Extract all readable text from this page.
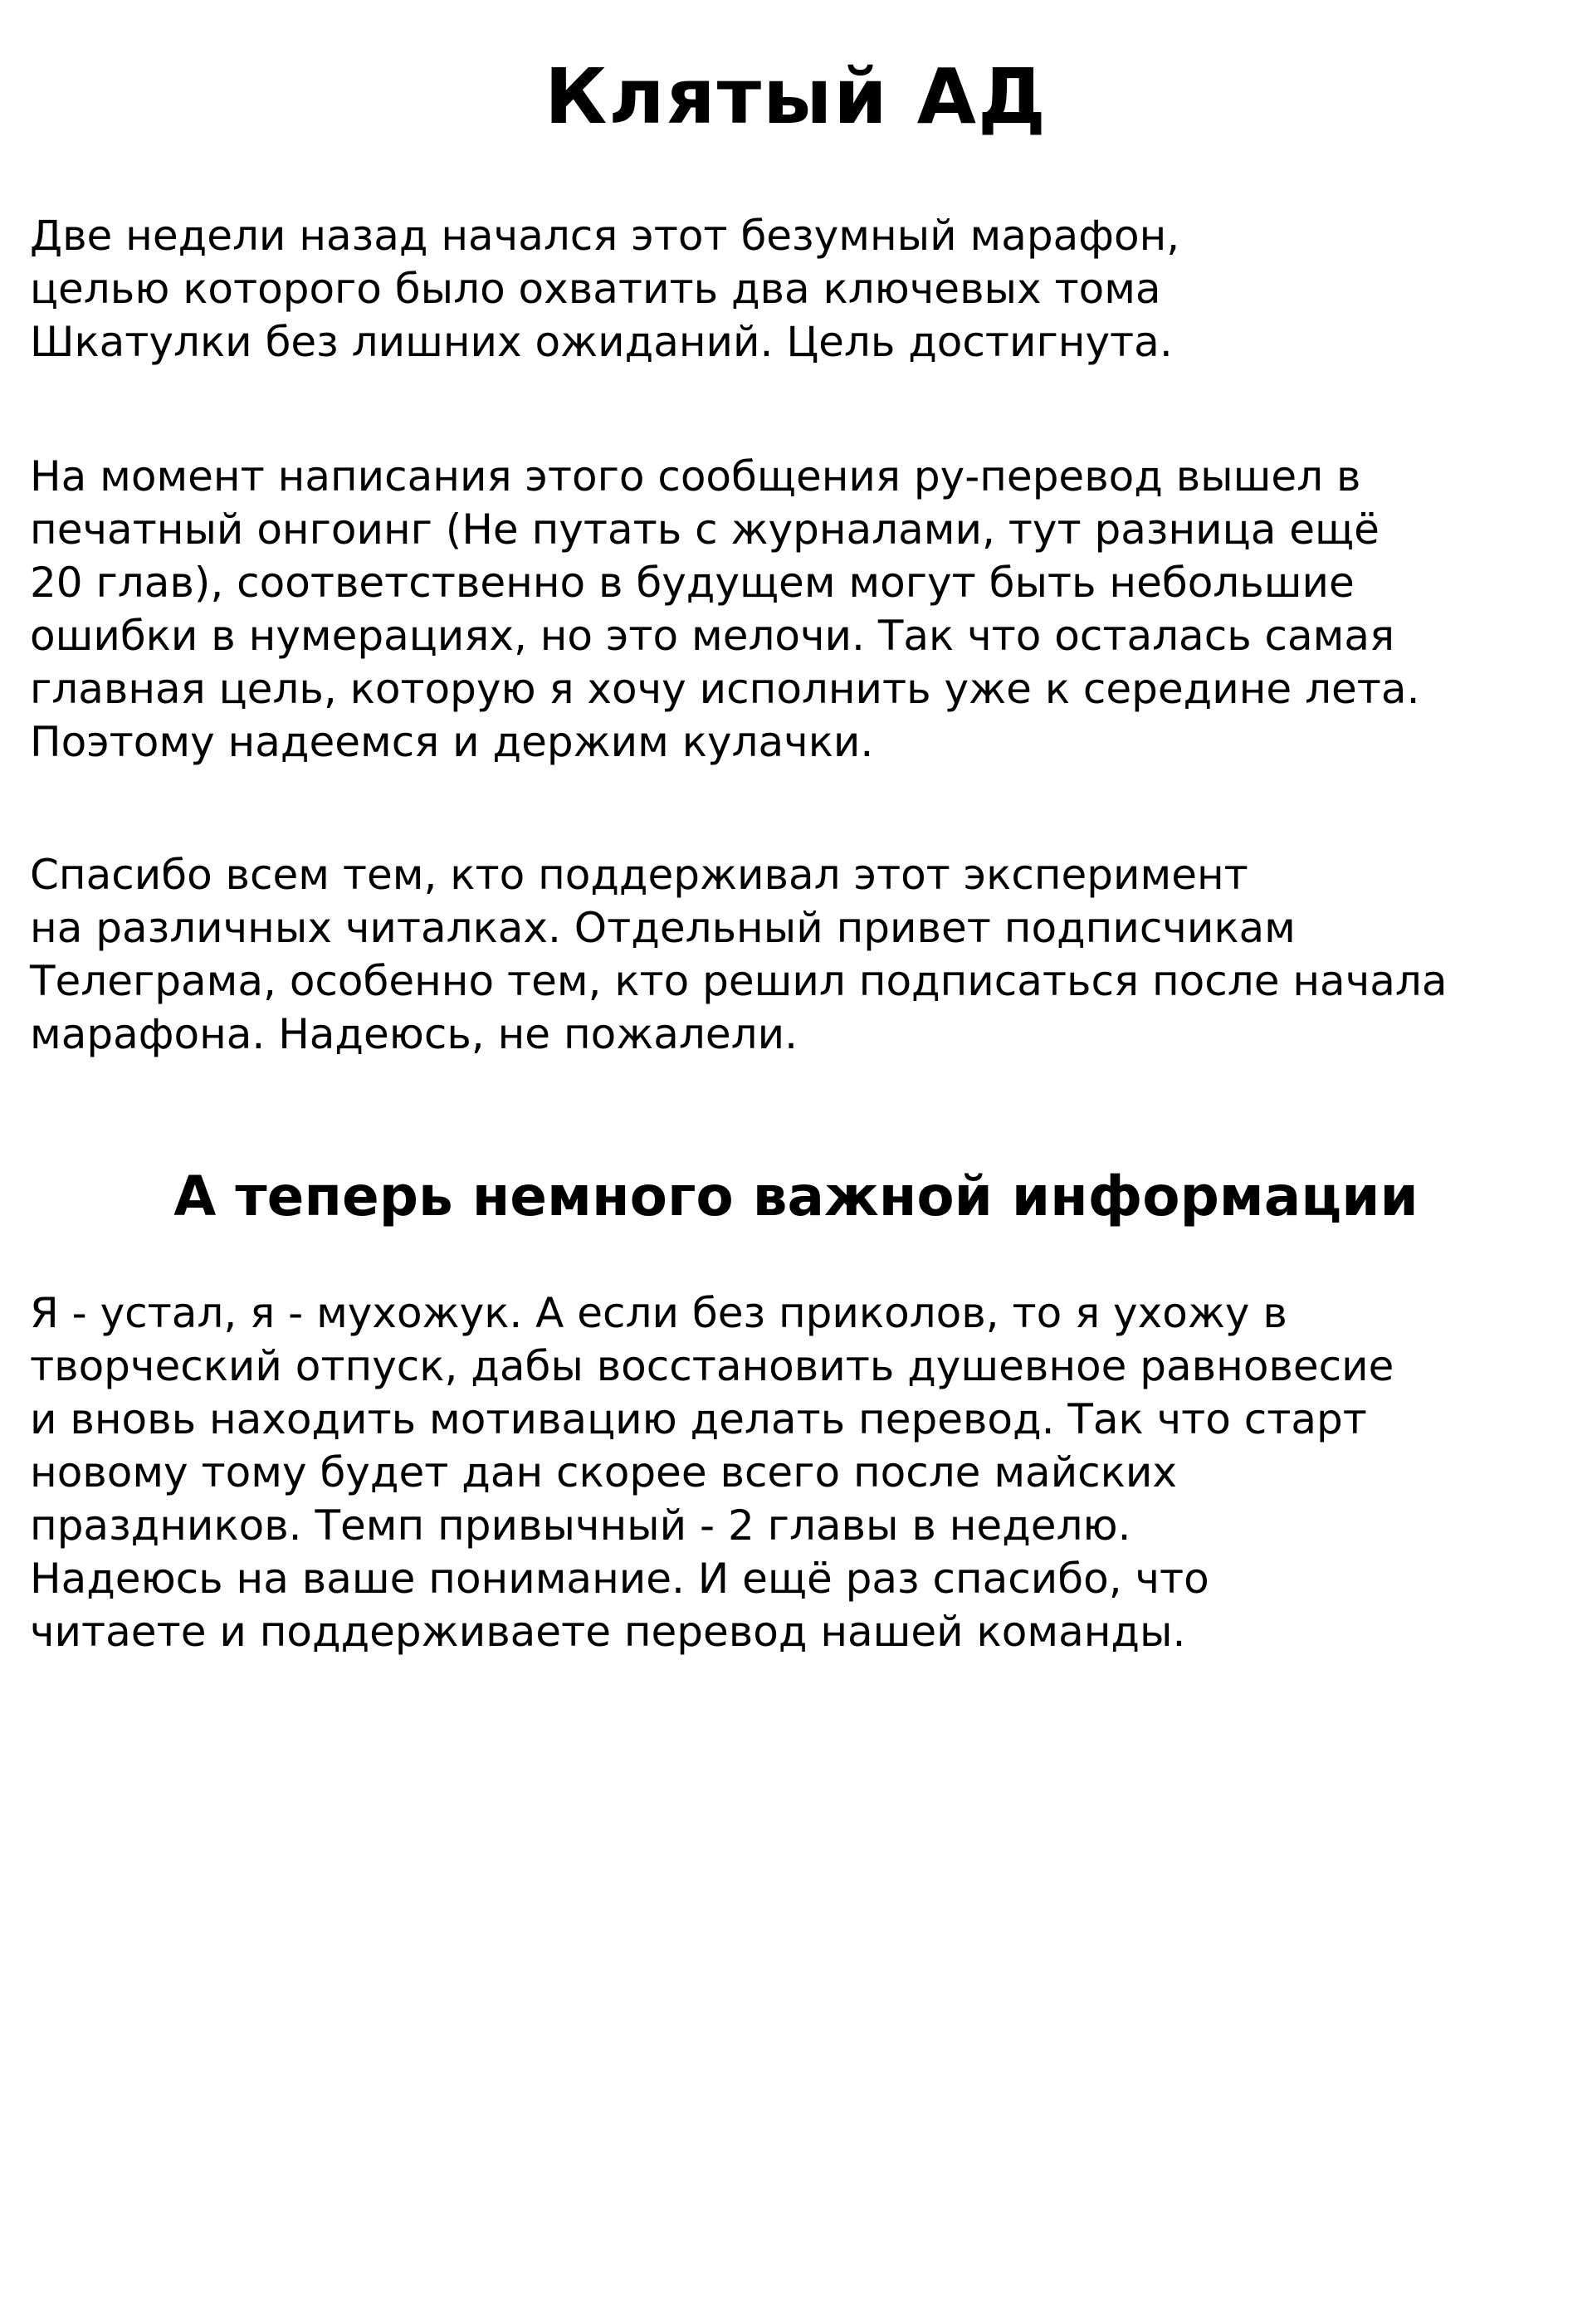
Клятый АД

Две недели назад начался этот безумный марафон,
целью которого было охватить два ключевых тома
Шкатулки без лишних ожиданий. Цель достигнута.

На момент написания этого сообщения ру-перевод вышел в
печатный онгоинг (Не путать с журналами, тут разница ещё
20 глав), соответственно в будущем могут быть небольшие
ошибки в нумерациях, но это мелочи. Так что осталась самая
главная цель, которую я хочу исполнить уже к середине лета.
Поэтому надеемся и держим кулачки.

Спасибо всем тем, кто поддерживал этот эксперимент
на различных читалках. Отдельный привет подписчикам
Телеграма, особенно тем, кто решил подписаться после начала
марафона. Надеюсь, не пожалели.

А теперь немного важной информации

Я - устал, я - мухожук. А если без приколов, то я ухожу в
творческий отпуск, дабы восстановить душевное равновесие
и вновь находить мотивацию делать перевод. Так что старт
новому тому будет дан скорее всего после майских
праздников. Темп привычный - 2 главы в неделю.
Надеюсь на ваше понимание. И ещё раз спасибо, что
читаете и поддерживаете перевод нашей команды.
